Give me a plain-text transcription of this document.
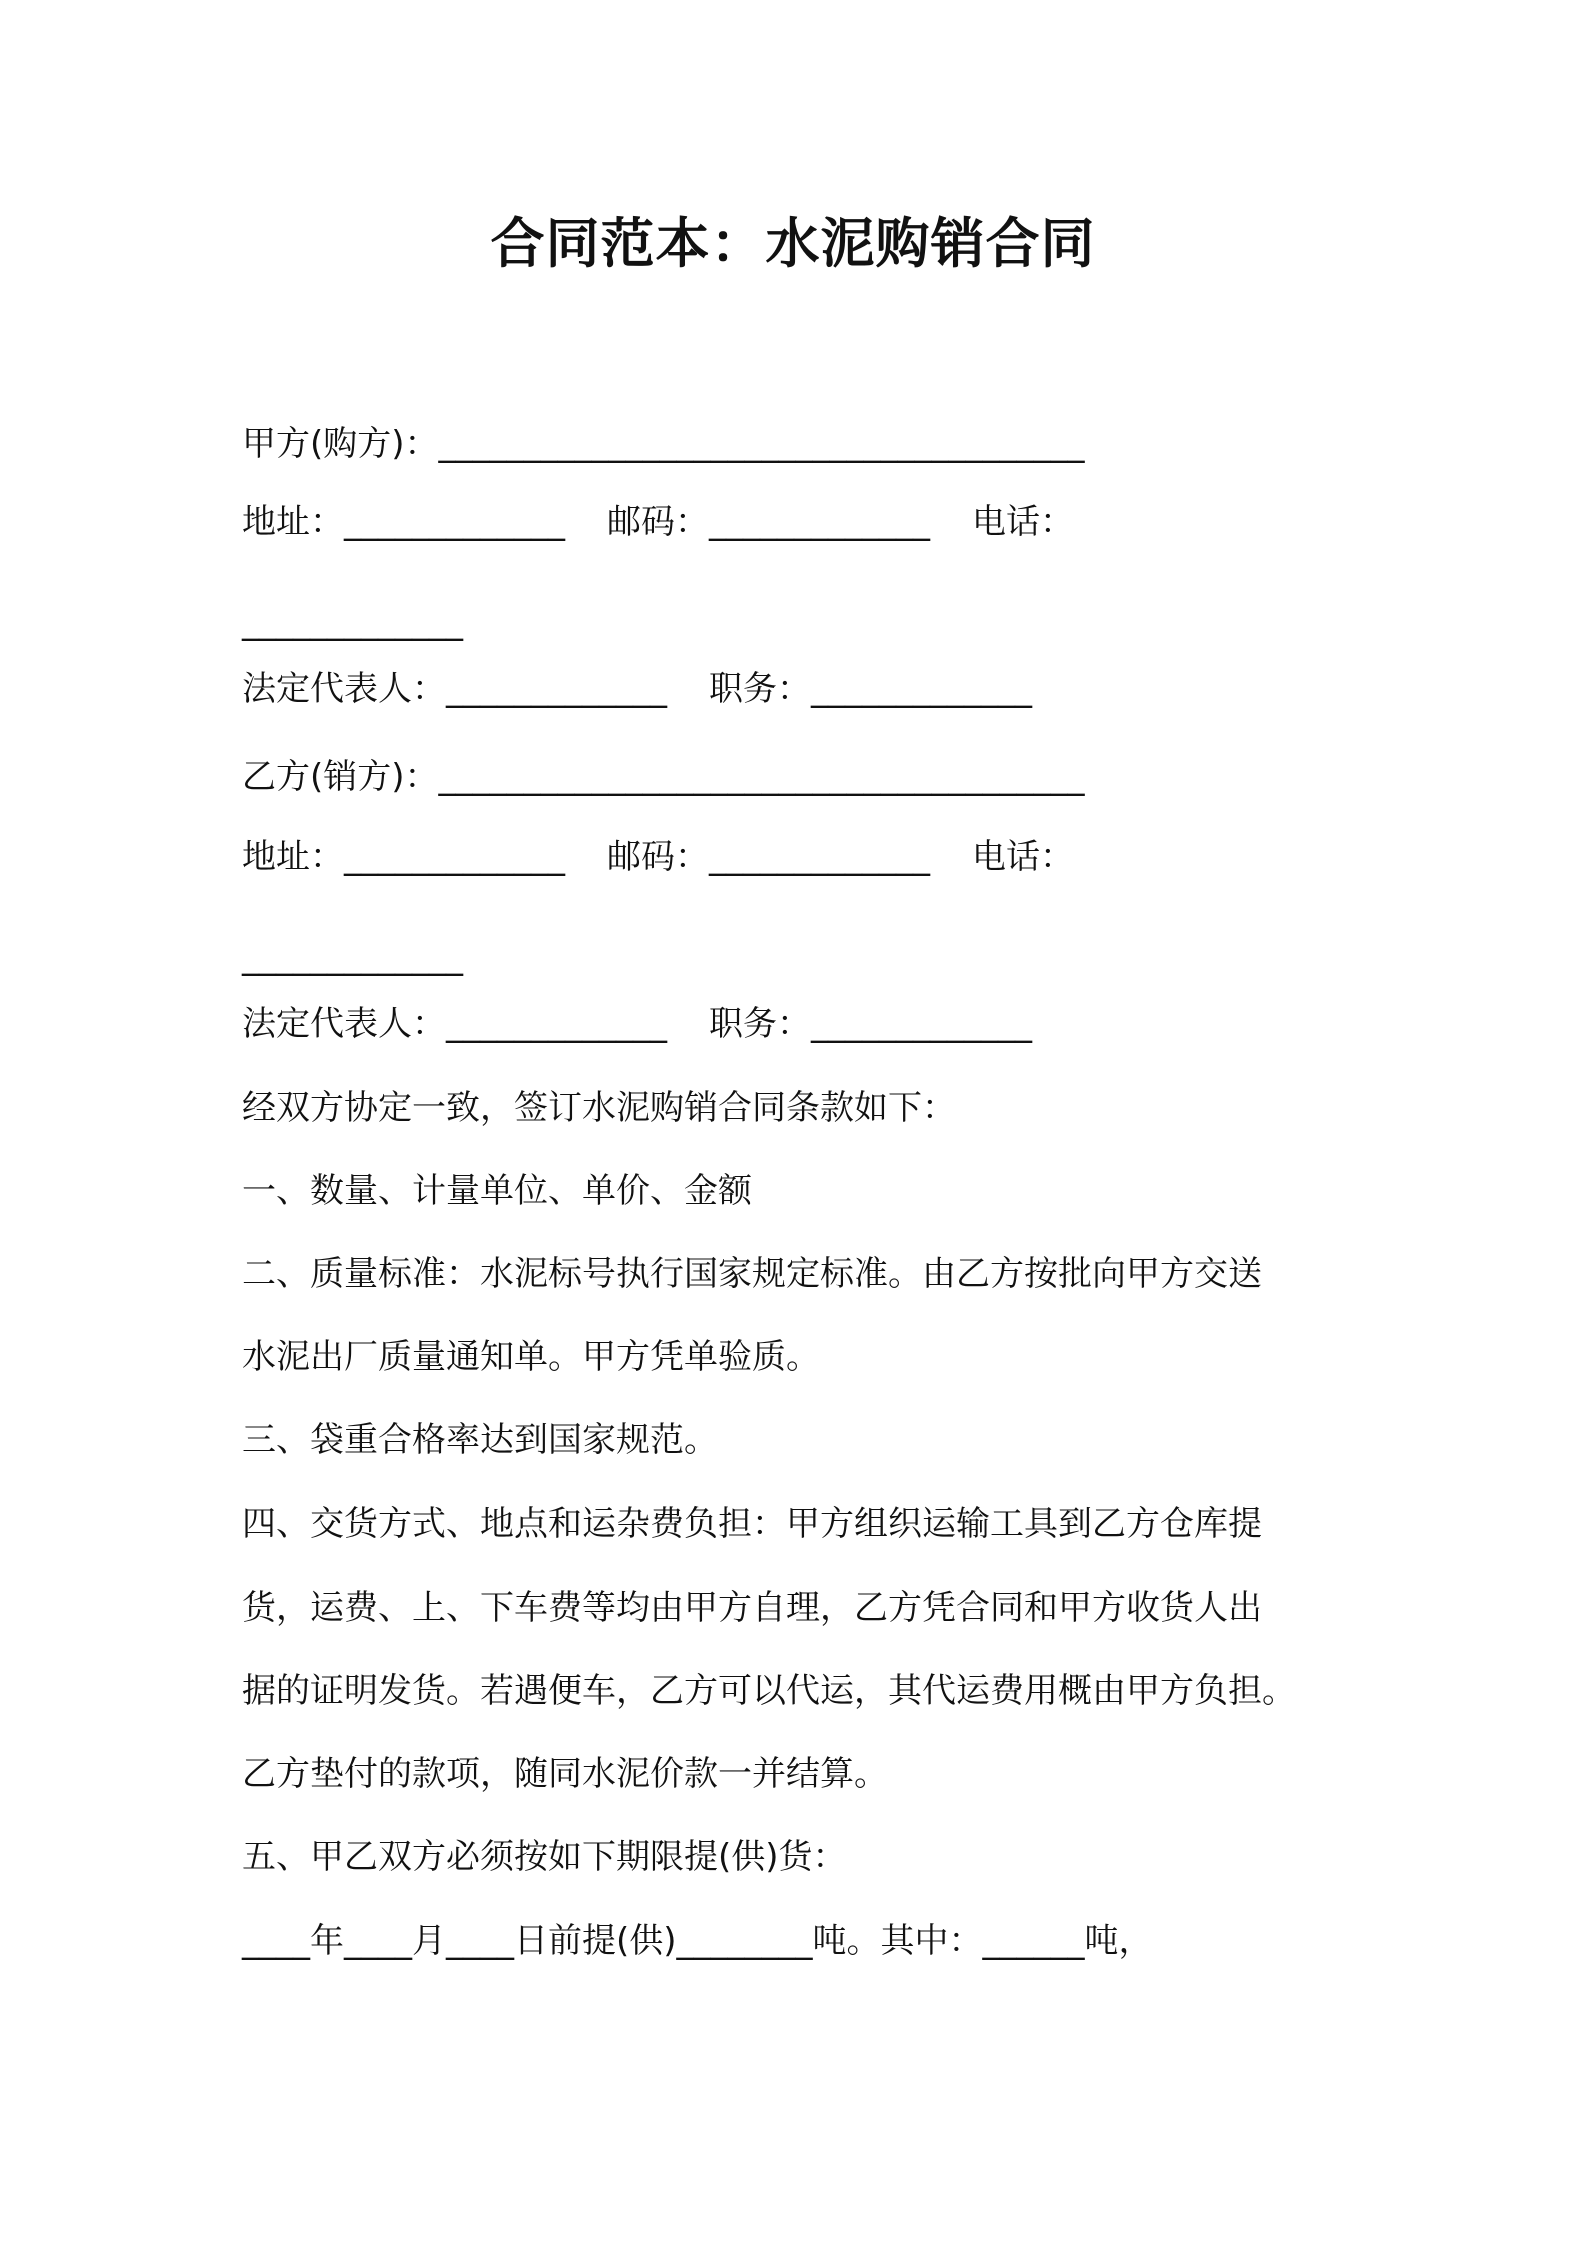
合同范本：水泥购销合同
甲方(购方)：______________________________________
地址：_____________ 邮码：_____________ 电话：
_____________
法定代表人：_____________ 职务：_____________
乙方(销方)：______________________________________
地址：_____________ 邮码：_____________ 电话：
_____________
法定代表人：_____________ 职务：_____________
经双方协定一致，签订水泥购销合同条款如下：
一、数量、计量单位、单价、金额
二、质量标准：水泥标号执行国家规定标准。由乙方按批向甲方交送
水泥出厂质量通知单。甲方凭单验质。
三、袋重合格率达到国家规范。
四、交货方式、地点和运杂费负担：甲方组织运输工具到乙方仓库提
货，运费、上、下车费等均由甲方自理，乙方凭合同和甲方收货人出
据的证明发货。若遇便车，乙方可以代运，其代运费用概由甲方负担。
乙方垫付的款项，随同水泥价款一并结算。
五、甲乙双方必须按如下期限提(供)货：
____年____月____日前提(供)________吨。其中：______吨，
